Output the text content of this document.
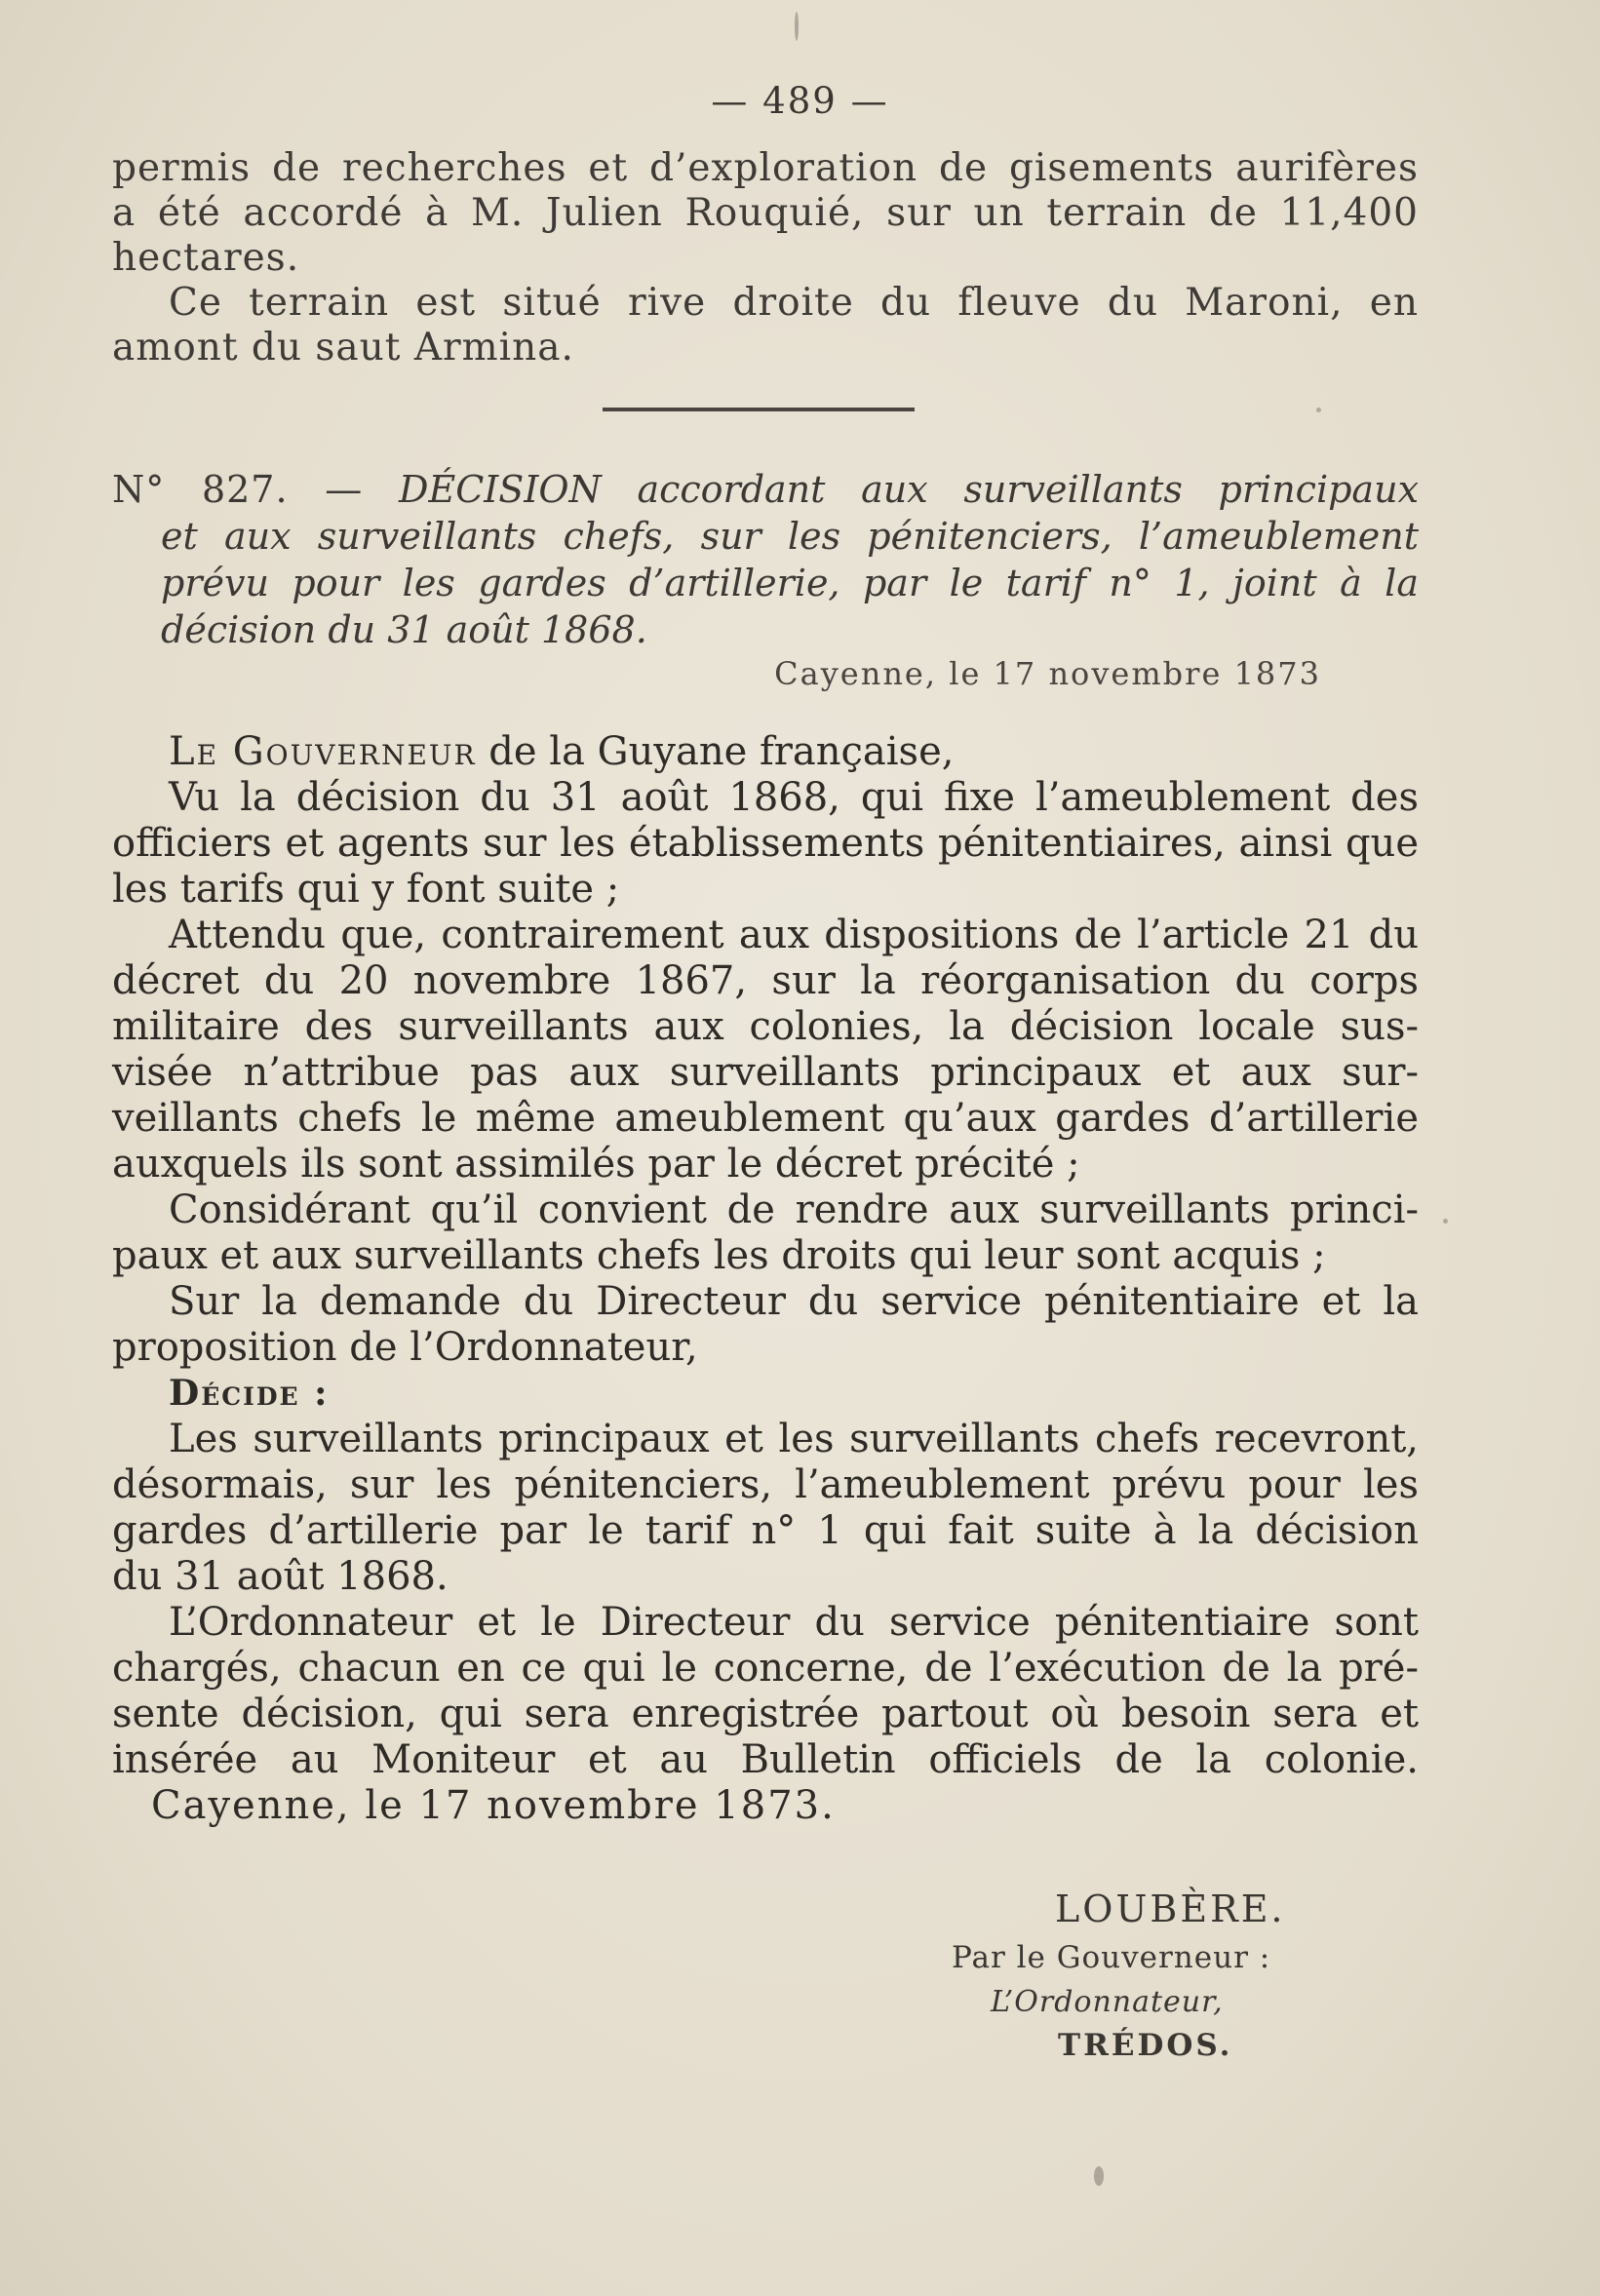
— 489 —

permis de recherches et d’exploration de gisements aurifères
a été accordé à M. Julien Rouquié, sur un terrain de 11,400
hectares.

Ce terrain est situé rive droite du fleuve du Maroni, en
amont du saut Armina.

N° 827. — DÉCISION accordant aux surveillants principaux
et aux surveillants chefs, sur les pénitenciers, l’ameublement
prévu pour les gardes d’artillerie, par le tarif n° 1, joint à la
décision du 31 août 1868.
Cayenne, le 17 novembre 1873

Le Gouverneur de la Guyane française,

Vu la décision du 31 août 1868, qui fixe l’ameublement des
officiers et agents sur les établissements pénitentiaires, ainsi que
les tarifs qui y font suite ;

Attendu que, contrairement aux dispositions de l’article 21 du
décret du 20 novembre 1867, sur la réorganisation du corps
militaire des surveillants aux colonies, la décision locale sus-
visée n’attribue pas aux surveillants principaux et aux sur-
veillants chefs le même ameublement qu’aux gardes d’artillerie
auxquels ils sont assimilés par le décret précité ;

Considérant qu’il convient de rendre aux surveillants princi-
paux et aux surveillants chefs les droits qui leur sont acquis ;

Sur la demande du Directeur du service pénitentiaire et la
proposition de l’Ordonnateur,

Décide :

Les surveillants principaux et les surveillants chefs recevront,
désormais, sur les pénitenciers, l’ameublement prévu pour les
gardes d’artillerie par le tarif n° 1 qui fait suite à la décision
du 31 août 1868.

L’Ordonnateur et le Directeur du service pénitentiaire sont
chargés, chacun en ce qui le concerne, de l’exécution de la pré-
sente décision, qui sera enregistrée partout où besoin sera et
insérée au Moniteur et au Bulletin officiels de la colonie.

Cayenne, le 17 novembre 1873.

LOUBÈRE.
Par le Gouverneur :
L’Ordonnateur,
TRÉDOS.
